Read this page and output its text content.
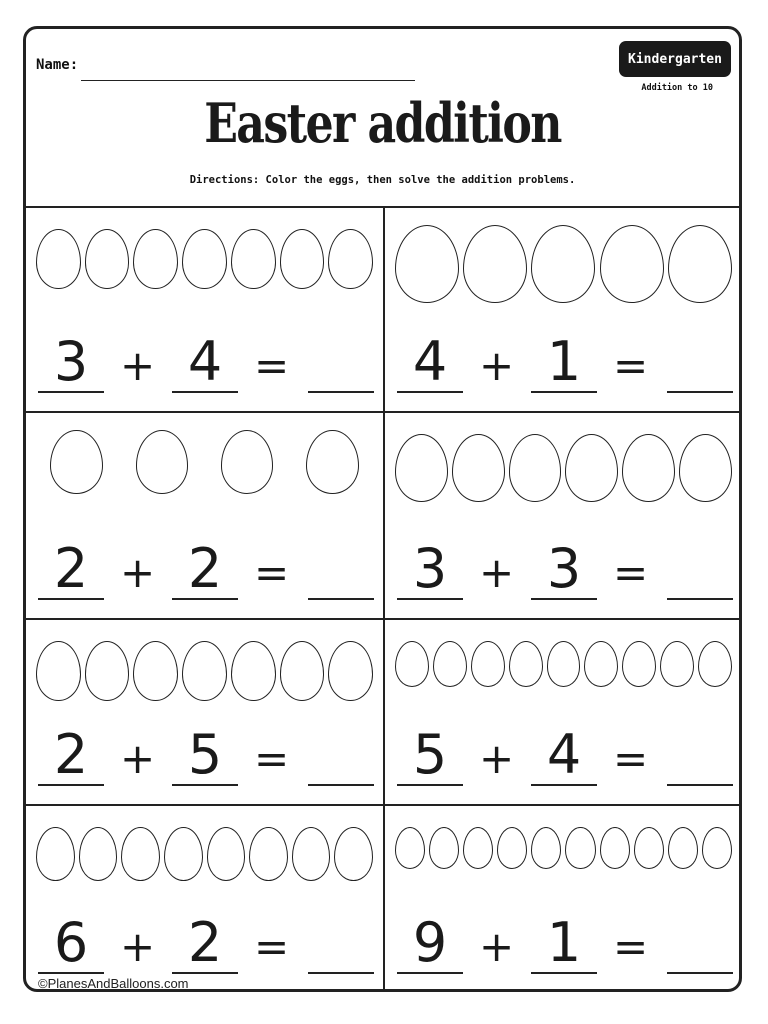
Name:	Kindergarten
Addition to 10
Easter addition
Directions: Color the eggs, then solve the addition problems.
3 + 4 = 4 + 1 =
2 + 2 = 3 + 3 =
2 + 5 = 5 + 4 =
6 + 2 = 9 + 1 =
©PlanesAndBalloons.com
